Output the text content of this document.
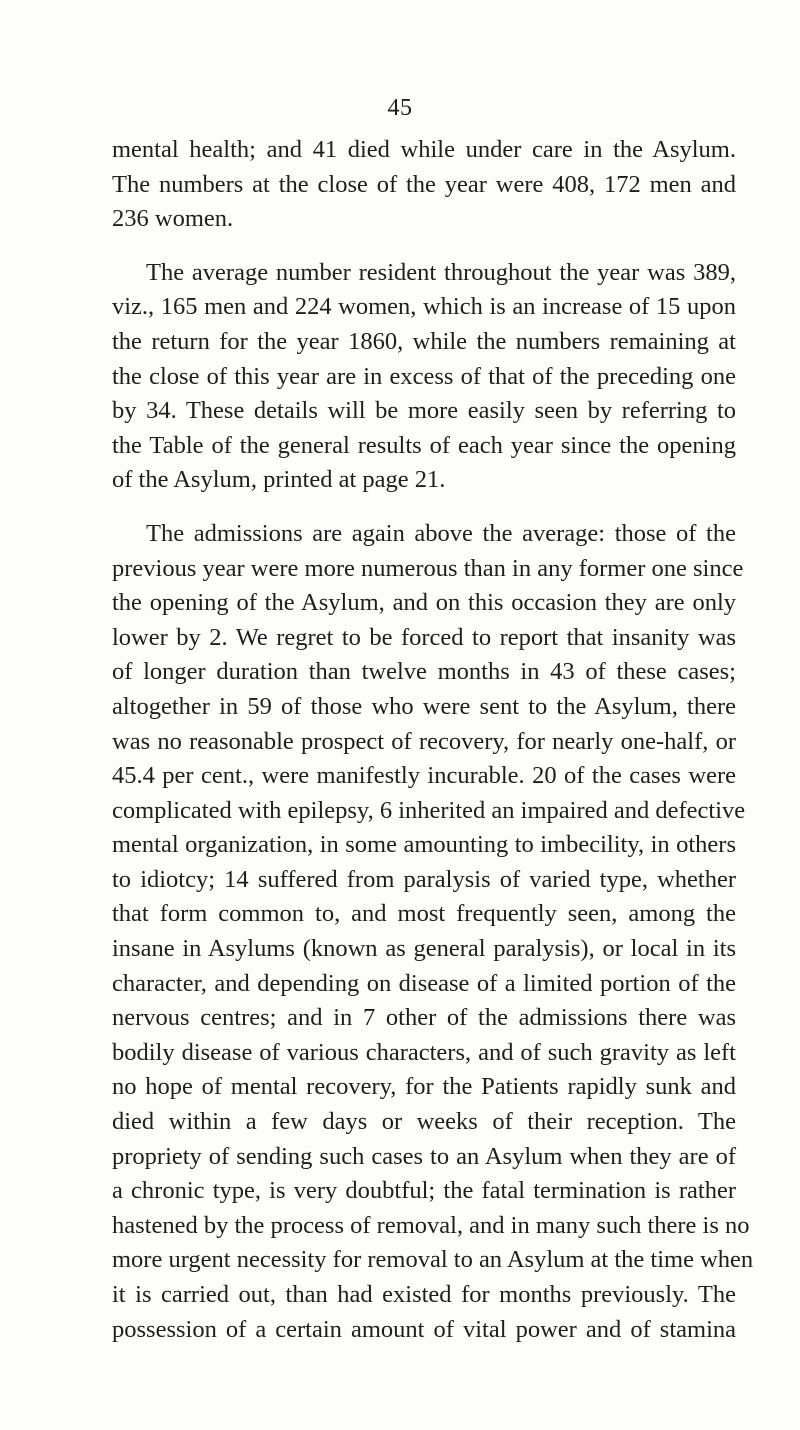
45
mental health; and 41 died while under care in the Asylum.
The numbers at the close of the year were 408, 172 men and
236 women.
The average number resident throughout the year was 389,
viz., 165 men and 224 women, which is an increase of 15 upon
the return for the year 1860, while the numbers remaining at
the close of this year are in excess of that of the preceding one
by 34. These details will be more easily seen by referring to
the Table of the general results of each year since the opening
of the Asylum, printed at page 21.
The admissions are again above the average: those of the
previous year were more numerous than in any former one since
the opening of the Asylum, and on this occasion they are only
lower by 2. We regret to be forced to report that insanity was
of longer duration than twelve months in 43 of these cases;
altogether in 59 of those who were sent to the Asylum, there
was no reasonable prospect of recovery, for nearly one-half, or
45.4 per cent., were manifestly incurable. 20 of the cases were
complicated with epilepsy, 6 inherited an impaired and defective
mental organization, in some amounting to imbecility, in others
to idiotcy; 14 suffered from paralysis of varied type, whether
that form common to, and most frequently seen, among the
insane in Asylums (known as general paralysis), or local in its
character, and depending on disease of a limited portion of the
nervous centres; and in 7 other of the admissions there was
bodily disease of various characters, and of such gravity as left
no hope of mental recovery, for the Patients rapidly sunk and
died within a few days or weeks of their reception. The
propriety of sending such cases to an Asylum when they are of
a chronic type, is very doubtful; the fatal termination is rather
hastened by the process of removal, and in many such there is no
more urgent necessity for removal to an Asylum at the time when
it is carried out, than had existed for months previously. The
possession of a certain amount of vital power and of stamina
